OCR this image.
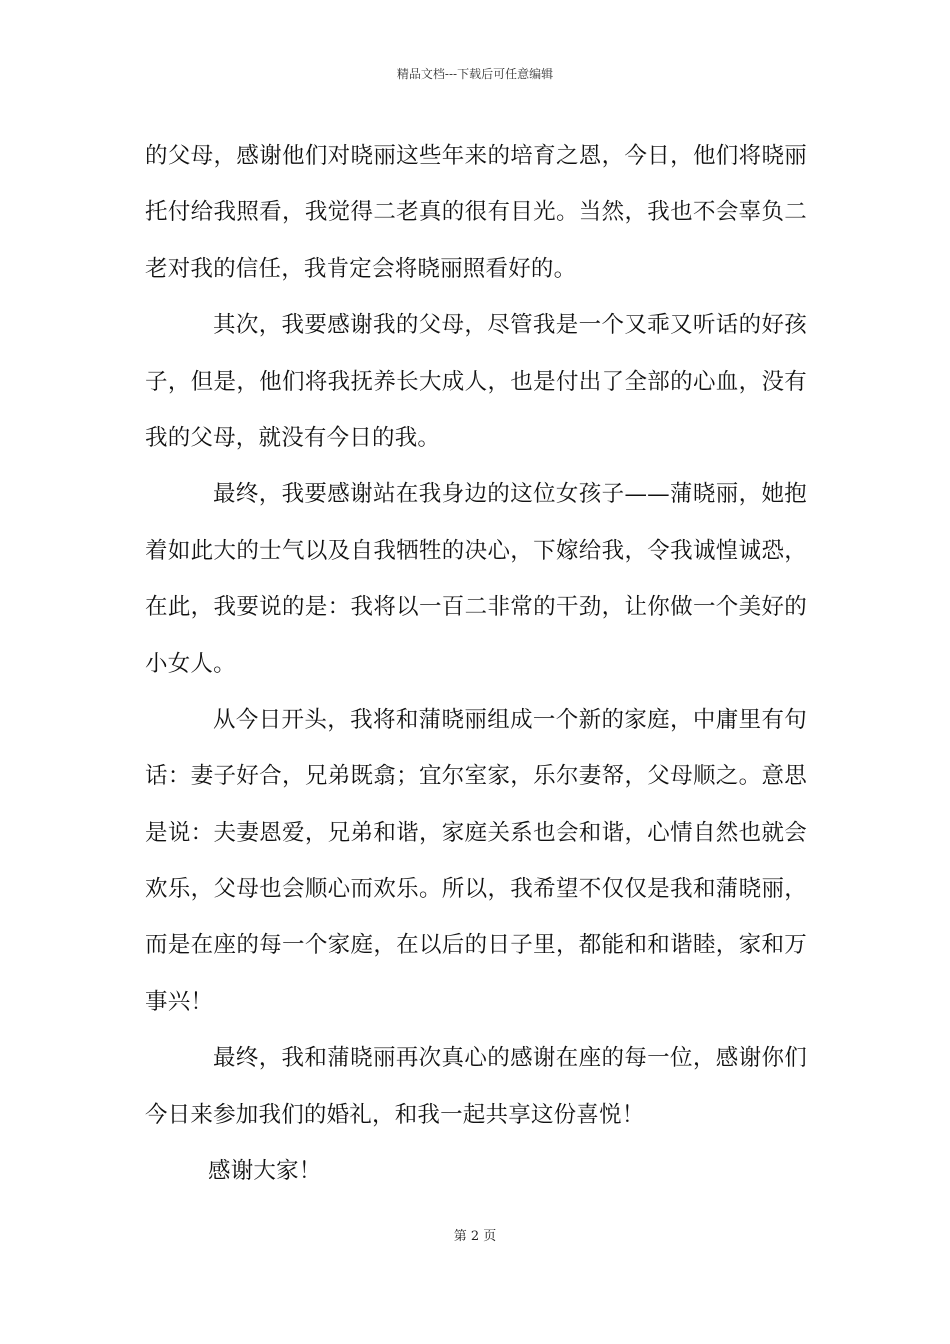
精品文档---下载后可任意编辑
的父母，感谢他们对晓丽这些年来的培育之恩，今日，他们将晓丽
托付给我照看，我觉得二老真的很有目光。当然，我也不会辜负二
老对我的信任，我肯定会将晓丽照看好的。
其次，我要感谢我的父母，尽管我是一个又乖又听话的好孩
子，但是，他们将我抚养长大成人，也是付出了全部的心血，没有
我的父母，就没有今日的我。
最终，我要感谢站在我身边的这位女孩子——蒲晓丽，她抱
着如此大的士气以及自我牺牲的决心，下嫁给我，令我诚惶诚恐，
在此，我要说的是：我将以一百二非常的干劲，让你做一个美好的
小女人。
从今日开头，我将和蒲晓丽组成一个新的家庭，中庸里有句
话：妻子好合，兄弟既翕；宜尔室家，乐尔妻帑，父母顺之。意思
是说：夫妻恩爱，兄弟和谐，家庭关系也会和谐，心情自然也就会
欢乐，父母也会顺心而欢乐。所以，我希望不仅仅是我和蒲晓丽，
而是在座的每一个家庭，在以后的日子里，都能和和谐睦，家和万
事兴！
最终，我和蒲晓丽再次真心的感谢在座的每一位，感谢你们
今日来参加我们的婚礼，和我一起共享这份喜悦！
感谢大家！
第 2 页
